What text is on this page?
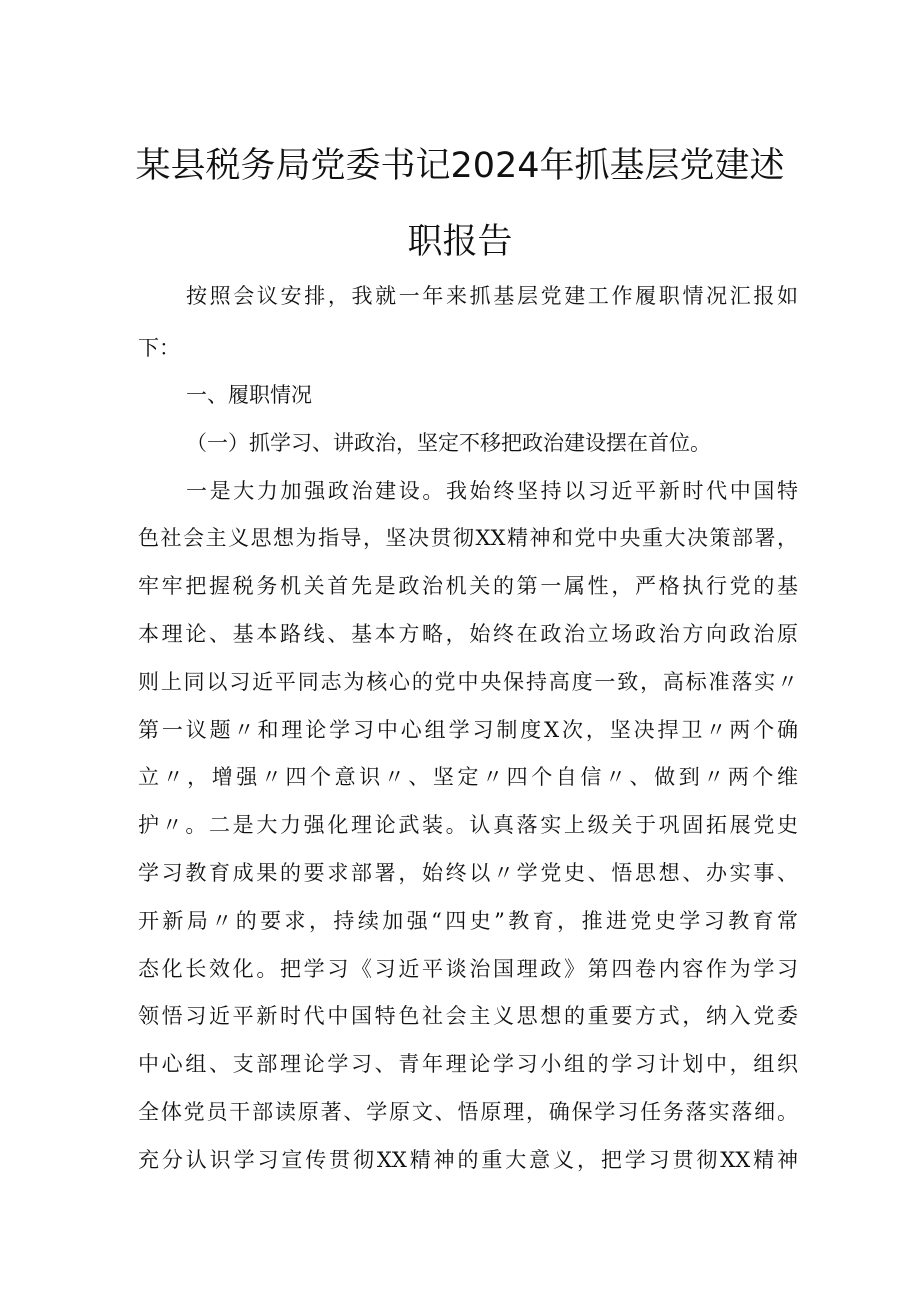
某县税务局党委书记2024年抓基层党建述
职报告
按照会议安排，我就一年来抓基层党建工作履职情况汇报如
下：
一、履职情况
（一）抓学习、讲政治，坚定不移把政治建设摆在首位。
一是大力加强政治建设。我始终坚持以习近平新时代中国特
色社会主义思想为指导，坚决贯彻XX精神和党中央重大决策部署，
牢牢把握税务机关首先是政治机关的第一属性，严格执行党的基
本理论、基本路线、基本方略，始终在政治立场政治方向政治原
则上同以习近平同志为核心的党中央保持高度一致，高标准落实〃
第一议题〃和理论学习中心组学习制度X次，坚决捍卫〃两个确
立〃，增强〃四个意识〃、坚定〃四个自信〃、做到〃两个维
护〃。二是大力强化理论武装。认真落实上级关于巩固拓展党史
学习教育成果的要求部署，始终以〃学党史、悟思想、办实事、
开新局〃的要求，持续加强“四史”教育，推进党史学习教育常
态化长效化。把学习《习近平谈治国理政》第四卷内容作为学习
领悟习近平新时代中国特色社会主义思想的重要方式，纳入党委
中心组、支部理论学习、青年理论学习小组的学习计划中，组织
全体党员干部读原著、学原文、悟原理，确保学习任务落实落细。
充分认识学习宣传贯彻XX精神的重大意义，把学习贯彻XX精神
